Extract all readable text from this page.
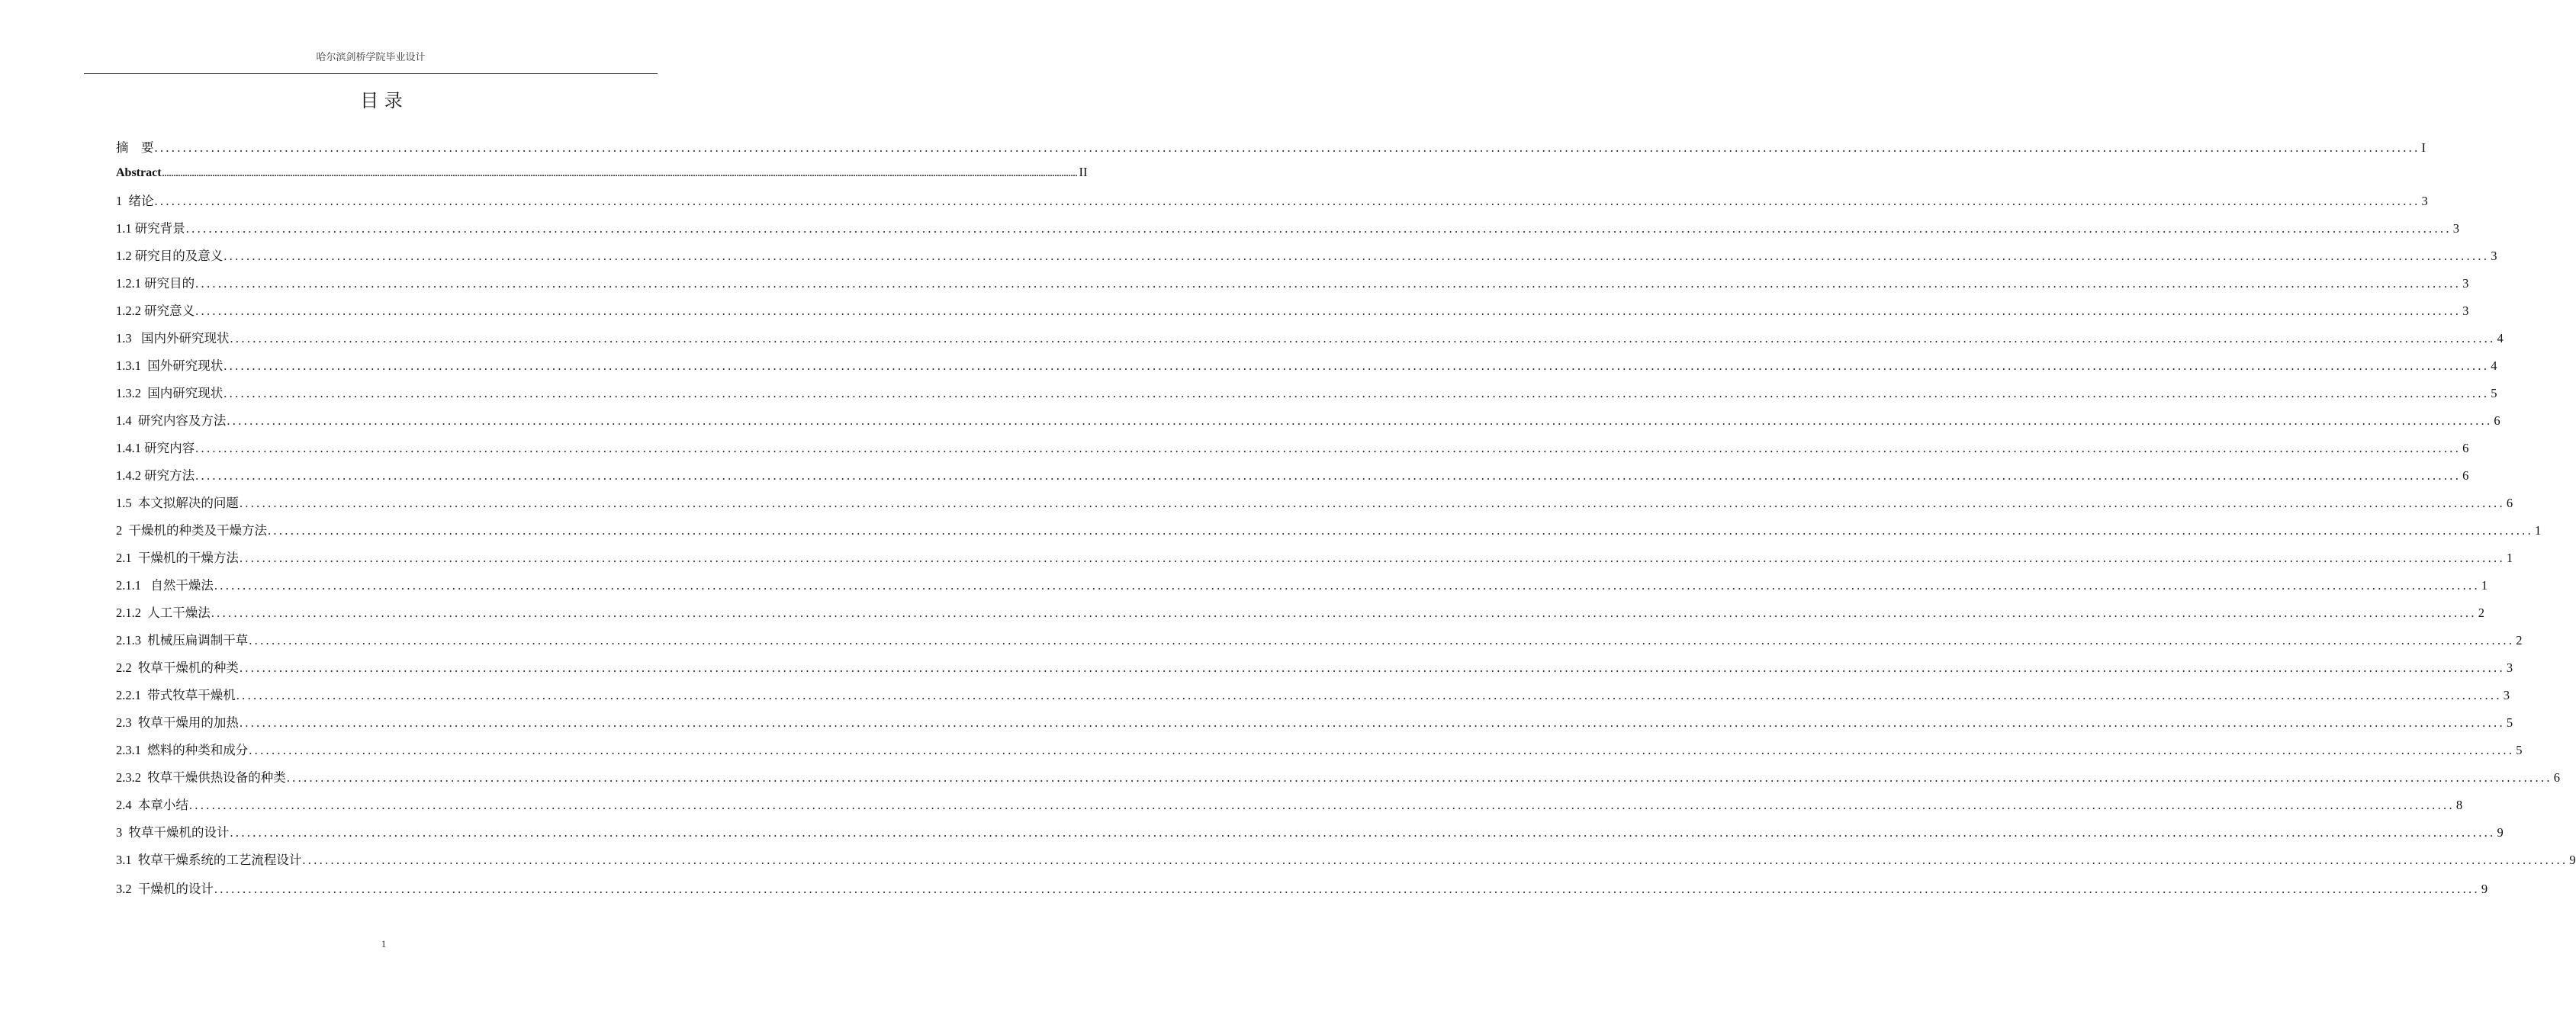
哈尔滨剑桥学院毕业设计
目 录
摘    要 ................................................................................................................................................................................................................................................................................................................................................................................................................ I
Abstract ................................................................................................................................................................................................................................................................................................................................................................................................................ II
1  绪论 ................................................................................................................................................................................................................................................................................................................................................................................................................ 3
1.1 研究背景 ................................................................................................................................................................................................................................................................................................................................................................................................................ 3
1.2 研究目的及意义 ................................................................................................................................................................................................................................................................................................................................................................................................................ 3
1.2.1 研究目的 ................................................................................................................................................................................................................................................................................................................................................................................................................ 3
1.2.2 研究意义 ................................................................................................................................................................................................................................................................................................................................................................................................................ 3
1.3   国内外研究现状 ................................................................................................................................................................................................................................................................................................................................................................................................................ 4
1.3.1  国外研究现状 ................................................................................................................................................................................................................................................................................................................................................................................................................ 4
1.3.2  国内研究现状 ................................................................................................................................................................................................................................................................................................................................................................................................................ 5
1.4  研究内容及方法 ................................................................................................................................................................................................................................................................................................................................................................................................................ 6
1.4.1 研究内容 ................................................................................................................................................................................................................................................................................................................................................................................................................ 6
1.4.2 研究方法 ................................................................................................................................................................................................................................................................................................................................................................................................................ 6
1.5  本文拟解决的问题 ................................................................................................................................................................................................................................................................................................................................................................................................................ 6
2  干燥机的种类及干燥方法 ................................................................................................................................................................................................................................................................................................................................................................................................................ 1
2.1  干燥机的干燥方法 ................................................................................................................................................................................................................................................................................................................................................................................................................ 1
2.1.1   自然干燥法 ................................................................................................................................................................................................................................................................................................................................................................................................................ 1
2.1.2  人工干燥法 ................................................................................................................................................................................................................................................................................................................................................................................................................ 2
2.1.3  机械压扁调制干草 ................................................................................................................................................................................................................................................................................................................................................................................................................ 2
2.2  牧草干燥机的种类 ................................................................................................................................................................................................................................................................................................................................................................................................................ 3
2.2.1  带式牧草干燥机 ................................................................................................................................................................................................................................................................................................................................................................................................................ 3
2.3  牧草干燥用的加热 ................................................................................................................................................................................................................................................................................................................................................................................................................ 5
2.3.1  燃料的种类和成分 ................................................................................................................................................................................................................................................................................................................................................................................................................ 5
2.3.2  牧草干燥供热设备的种类 ................................................................................................................................................................................................................................................................................................................................................................................................................ 6
2.4  本章小结 ................................................................................................................................................................................................................................................................................................................................................................................................................ 8
3  牧草干燥机的设计 ................................................................................................................................................................................................................................................................................................................................................................................................................ 9
3.1  牧草干燥系统的工艺流程设计 ................................................................................................................................................................................................................................................................................................................................................................................................................ 9
3.2  干燥机的设计 ................................................................................................................................................................................................................................................................................................................................................................................................................ 9
1
